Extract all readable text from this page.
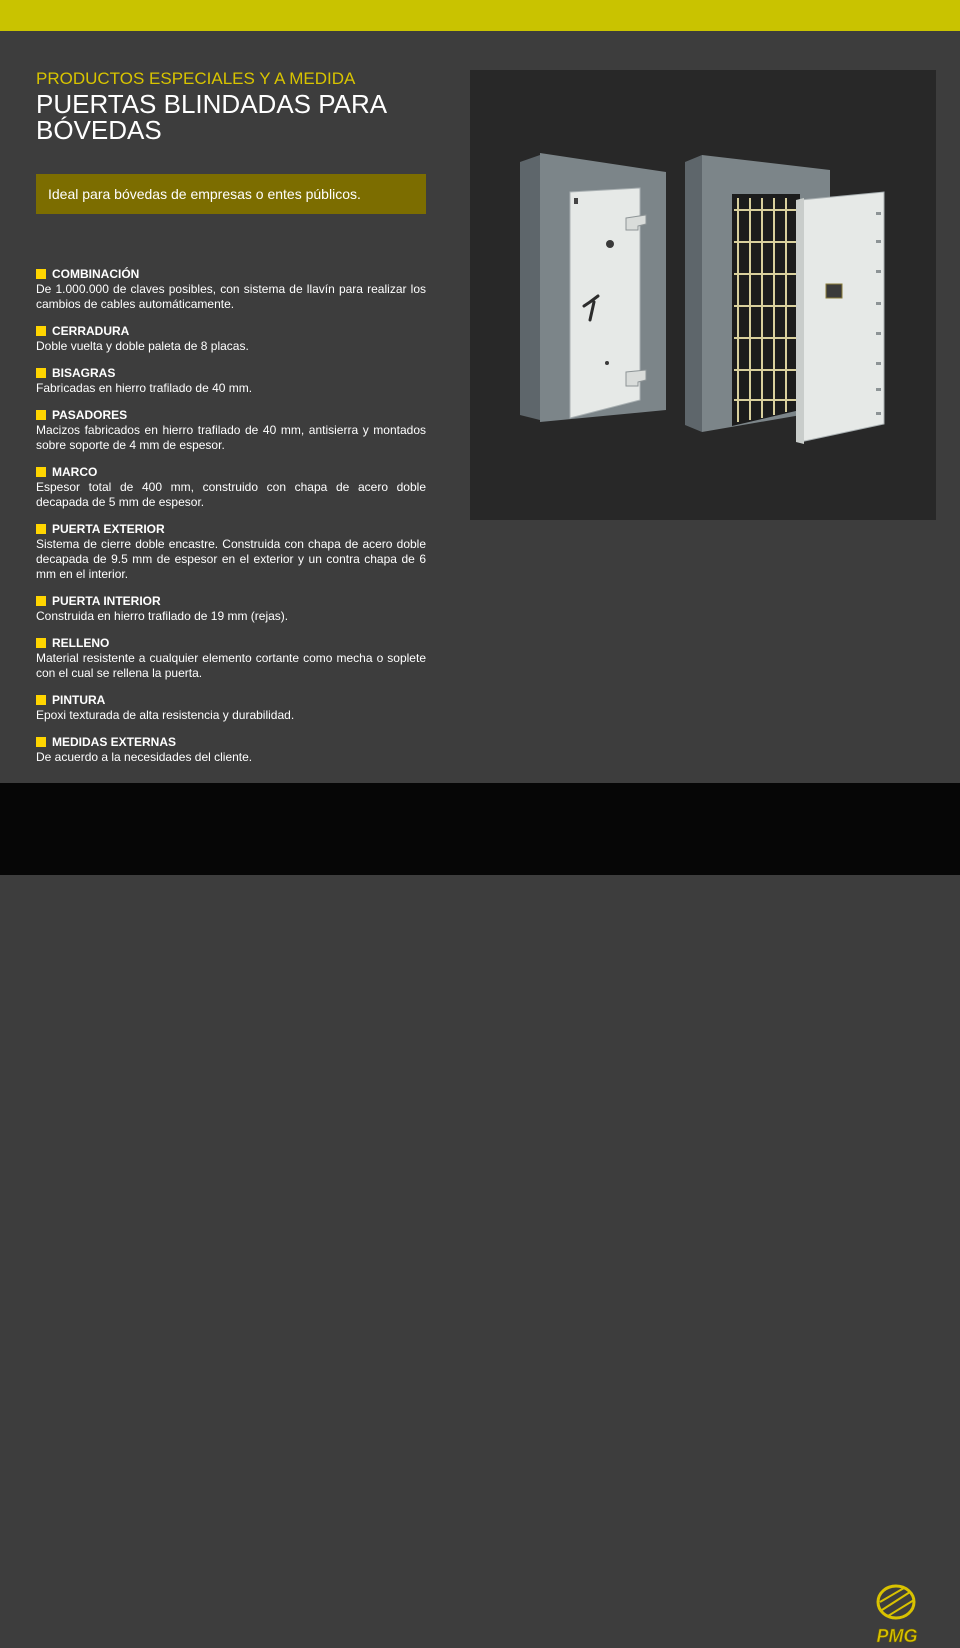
PRODUCTOS ESPECIALES Y A MEDIDA
PUERTAS BLINDADAS PARA BÓVEDAS
Ideal para bóvedas de empresas o entes públicos.
COMBINACIÓN

De 1.000.000 de claves posibles, con sistema de llavín para realizar los cambios de cables automáticamente.

CERRADURA

Doble vuelta y doble paleta de 8 placas.

BISAGRAS

Fabricadas en hierro trafilado de 40 mm.

PASADORES

Macizos fabricados en hierro trafilado de 40 mm, antisierra y montados sobre soporte de 4 mm de espesor.

MARCO

Espesor total de 400 mm, construido con chapa de acero doble decapada de 5 mm de espesor.

PUERTA EXTERIOR

Sistema de cierre doble encastre. Construida con chapa de acero doble decapada de 9.5 mm de espesor en el exterior y un contra chapa de 6 mm en el interior.

PUERTA INTERIOR

Construida en hierro trafilado de 19 mm (rejas).

RELLENO

Material resistente a cualquier elemento cortante como mecha o soplete con el cual se rellena la puerta.

PINTURA

Epoxi texturada de alta resistencia y durabilidad.

MEDIDAS EXTERNAS

De acuerdo a la necesidades del cliente.

PMG
